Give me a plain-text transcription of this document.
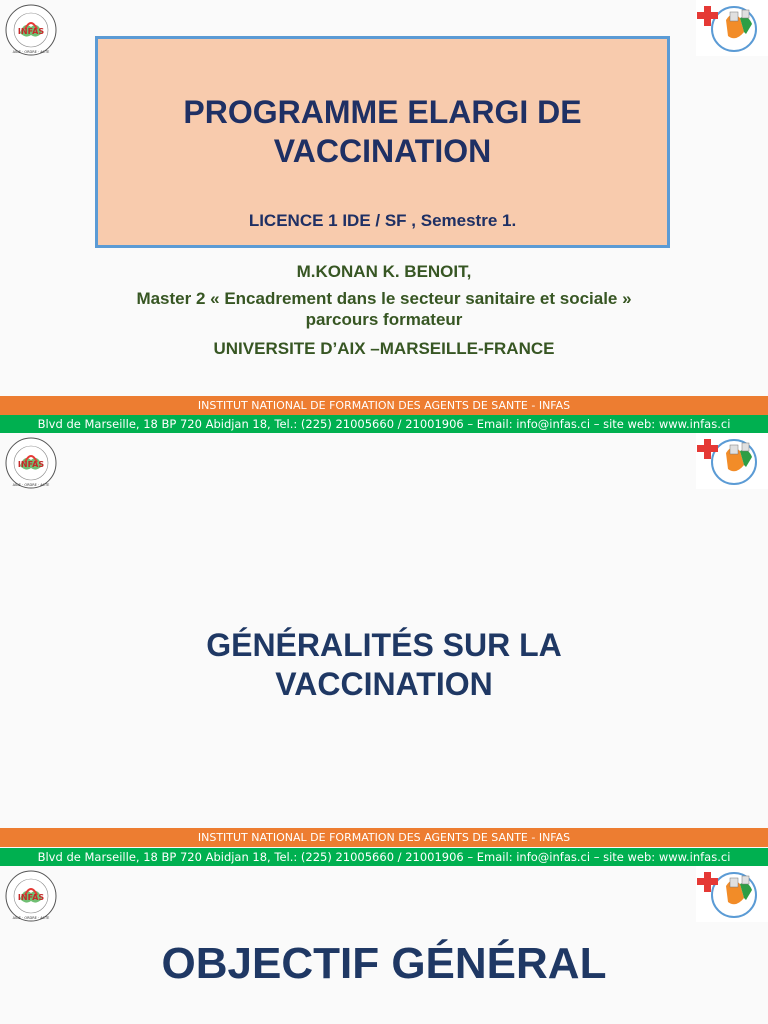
INFAS
AIDE · ORDRE · ACTE
PROGRAMME ELARGI DE
VACCINATION
LICENCE 1 IDE / SF , Semestre 1.
M.KONAN K. BENOIT,
Master 2 « Encadrement dans le secteur sanitaire et sociale »
parcours formateur
UNIVERSITE D’AIX –MARSEILLE-FRANCE
INSTITUT NATIONAL DE FORMATION DES AGENTS DE SANTE - INFAS
Blvd de Marseille, 18 BP 720 Abidjan 18, Tel.: (225) 21005660 / 21001906 – Email: info@infas.ci – site web: www.infas.ci
INFAS
AIDE · ORDRE · ACTE
GÉNÉRALITÉS SUR LA
VACCINATION
INSTITUT NATIONAL DE FORMATION DES AGENTS DE SANTE - INFAS
Blvd de Marseille, 18 BP 720 Abidjan 18, Tel.: (225) 21005660 / 21001906 – Email: info@infas.ci – site web: www.infas.ci
INFAS
AIDE · ORDRE · ACTE
OBJECTIF GÉNÉRAL
